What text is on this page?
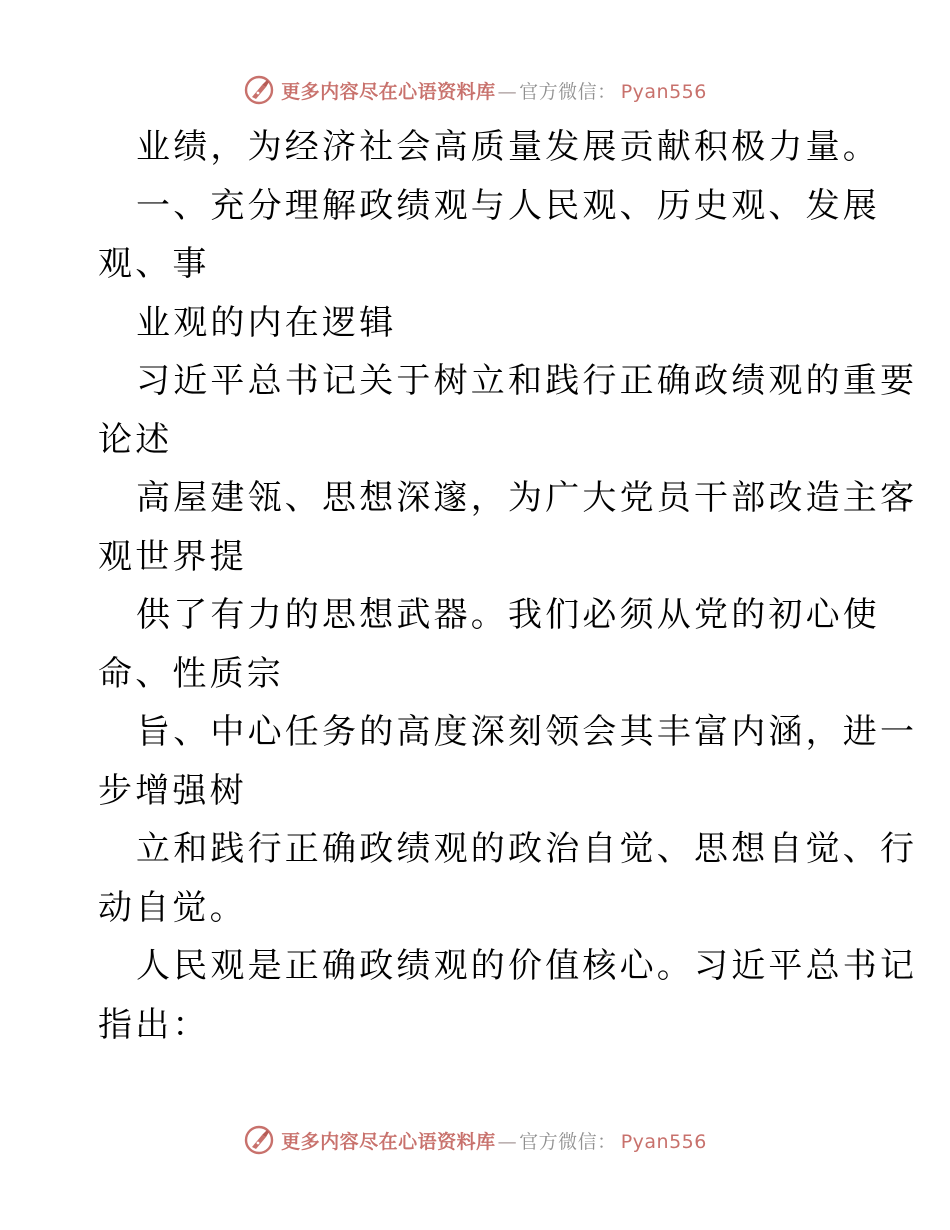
更多内容尽在心语资料库 — 官方微信： Pyan556
业绩，为经济社会高质量发展贡献积极力量。
一、充分理解政绩观与人民观、历史观、发展
观、事
业观的内在逻辑
习近平总书记关于树立和践行正确政绩观的重要
论述
高屋建瓴、思想深邃，为广大党员干部改造主客
观世界提
供了有力的思想武器。我们必须从党的初心使
命、性质宗
旨、中心任务的高度深刻领会其丰富内涵，进一
步增强树
立和践行正确政绩观的政治自觉、思想自觉、行
动自觉。
人民观是正确政绩观的价值核心。习近平总书记
指出：
更多内容尽在心语资料库 — 官方微信： Pyan556
